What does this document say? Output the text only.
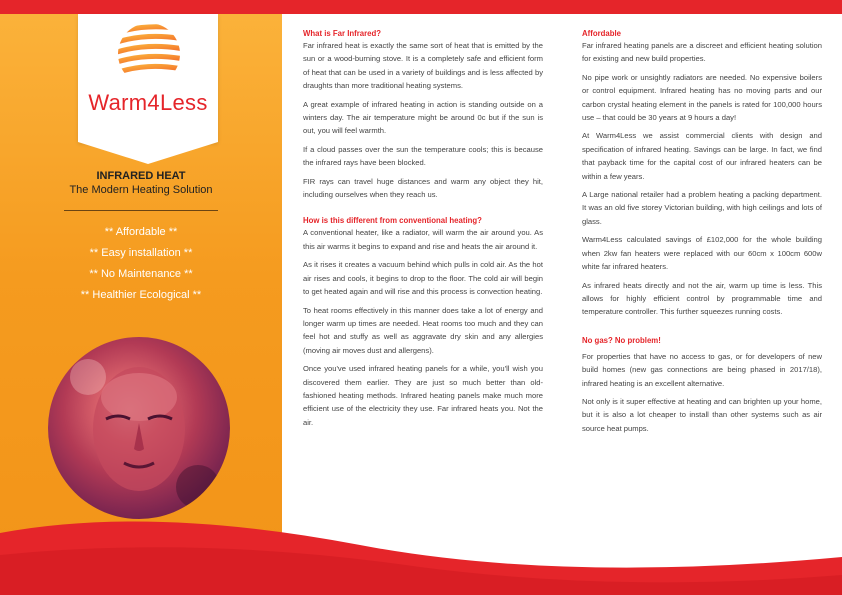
Warm4Less
INFRARED HEAT
The Modern Heating Solution
** Affordable **
** Easy installation **
** No Maintenance **
** Healthier Ecological **
What is Far Infrared?

Far infrared heat is exactly the same sort of heat that is emitted by the sun or a wood-burning stove. It is a completely safe and efficient form of heat that can be used in a variety of buildings and is less affected by draughts than more traditional heating systems.

A great example of infrared heating in action is standing outside on a winters day. The air temperature might be around 0c but if the sun is out, you will feel warmth.

If a cloud passes over the sun the temperature cools; this is because the infrared rays have been blocked.

FIR rays can travel huge distances and warm any object they hit, including ourselves when they reach us.

How is this different from conventional heating?

A conventional heater, like a radiator, will warm the air around you. As this air warms it begins to expand and rise and heats the air around it.

As it rises it creates a vacuum behind which pulls in cold air. As the hot air rises and cools, it begins to drop to the floor. The cold air will begin to get heated again and will rise and this process is convection heating.

To heat rooms effectively in this manner does take a lot of energy and longer warm up times are needed. Heat rooms too much and they can feel hot and stuffy as well as aggravate dry skin and any allergies (moving air moves dust and allergens).

Once you've used infrared heating panels for a while, you'll wish you discovered them earlier. They are just so much better than old-fashioned heating methods. Infrared heating panels make much more efficient use of the electricity they use. Far infrared heats you. Not the air.

Affordable

Far infrared heating panels are a discreet and efficient heating solution for existing and new build properties.

No pipe work or unsightly radiators are needed. No expensive boilers or control equipment. Infrared heating has no moving parts and our carbon crystal heating element in the panels is rated for 100,000 hours use – that could be 30 years at 9 hours a day!

At Warm4Less we assist commercial clients with design and specification of infrared heating. Savings can be large. In fact, we find that payback time for the capital cost of our infrared heaters can be within a few years.

A Large national retailer had a problem heating a packing department. It was an old five storey Victorian building, with high ceilings and lots of glass.

Warm4Less calculated savings of £102,000 for the whole building when 2kw fan heaters were replaced with our 60cm x 100cm 600w white far infrared heaters.

As infrared heats directly and not the air, warm up time is less. This allows for highly efficient control by programmable time and temperature controller. This further squeezes running costs.

No gas? No problem!

For properties that have no access to gas, or for developers of new build homes (new gas connections are being phased in 2017/18), infrared heating is an excellent alternative.

Not only is it super effective at heating and can brighten up your home, but it is also a lot cheaper to install than other systems such as air source heat pumps.
